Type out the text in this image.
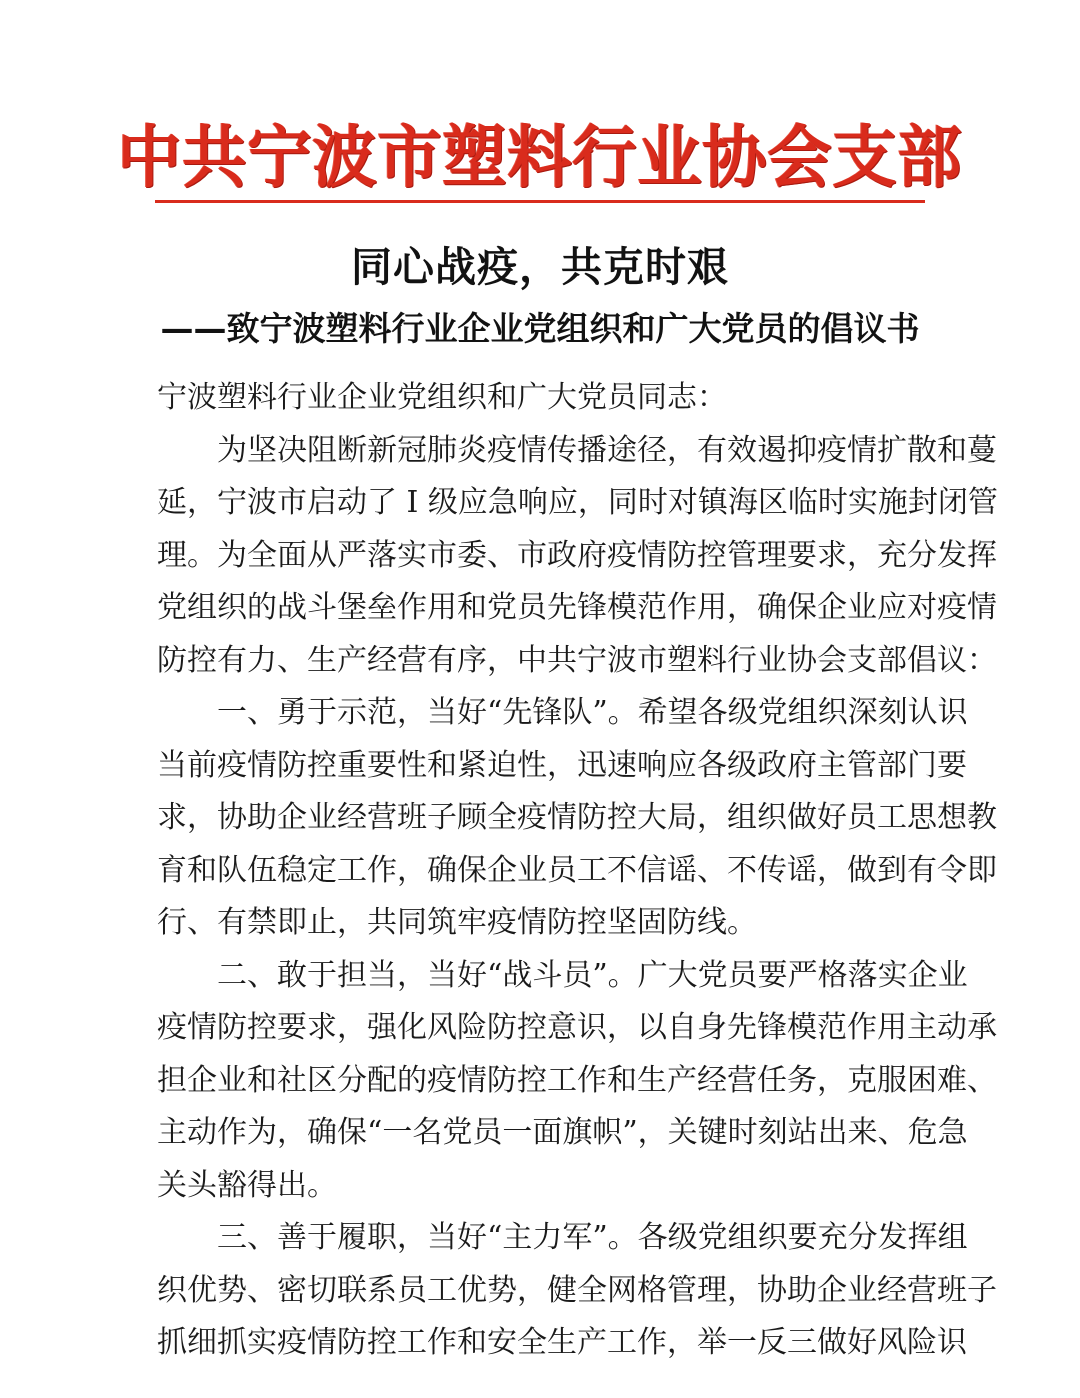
中共宁波市塑料行业协会支部
同心战疫，共克时艰
——致宁波塑料行业企业党组织和广大党员的倡议书
宁波塑料行业企业党组织和广大党员同志：
为坚决阻断新冠肺炎疫情传播途径，有效遏抑疫情扩散和蔓
延，宁波市启动了 I 级应急响应，同时对镇海区临时实施封闭管
理。为全面从严落实市委、市政府疫情防控管理要求，充分发挥
党组织的战斗堡垒作用和党员先锋模范作用，确保企业应对疫情
防控有力、生产经营有序，中共宁波市塑料行业协会支部倡议：
一、勇于示范，当好“先锋队”。希望各级党组织深刻认识
当前疫情防控重要性和紧迫性，迅速响应各级政府主管部门要
求，协助企业经营班子顾全疫情防控大局，组织做好员工思想教
育和队伍稳定工作，确保企业员工不信谣、不传谣，做到有令即
行、有禁即止，共同筑牢疫情防控坚固防线。
二、敢于担当，当好“战斗员”。广大党员要严格落实企业
疫情防控要求，强化风险防控意识，以自身先锋模范作用主动承
担企业和社区分配的疫情防控工作和生产经营任务，克服困难、
主动作为，确保“一名党员一面旗帜”，关键时刻站出来、危急
关头豁得出。
三、善于履职，当好“主力军”。各级党组织要充分发挥组
织优势、密切联系员工优势，健全网格管理，协助企业经营班子
抓细抓实疫情防控工作和安全生产工作，举一反三做好风险识
